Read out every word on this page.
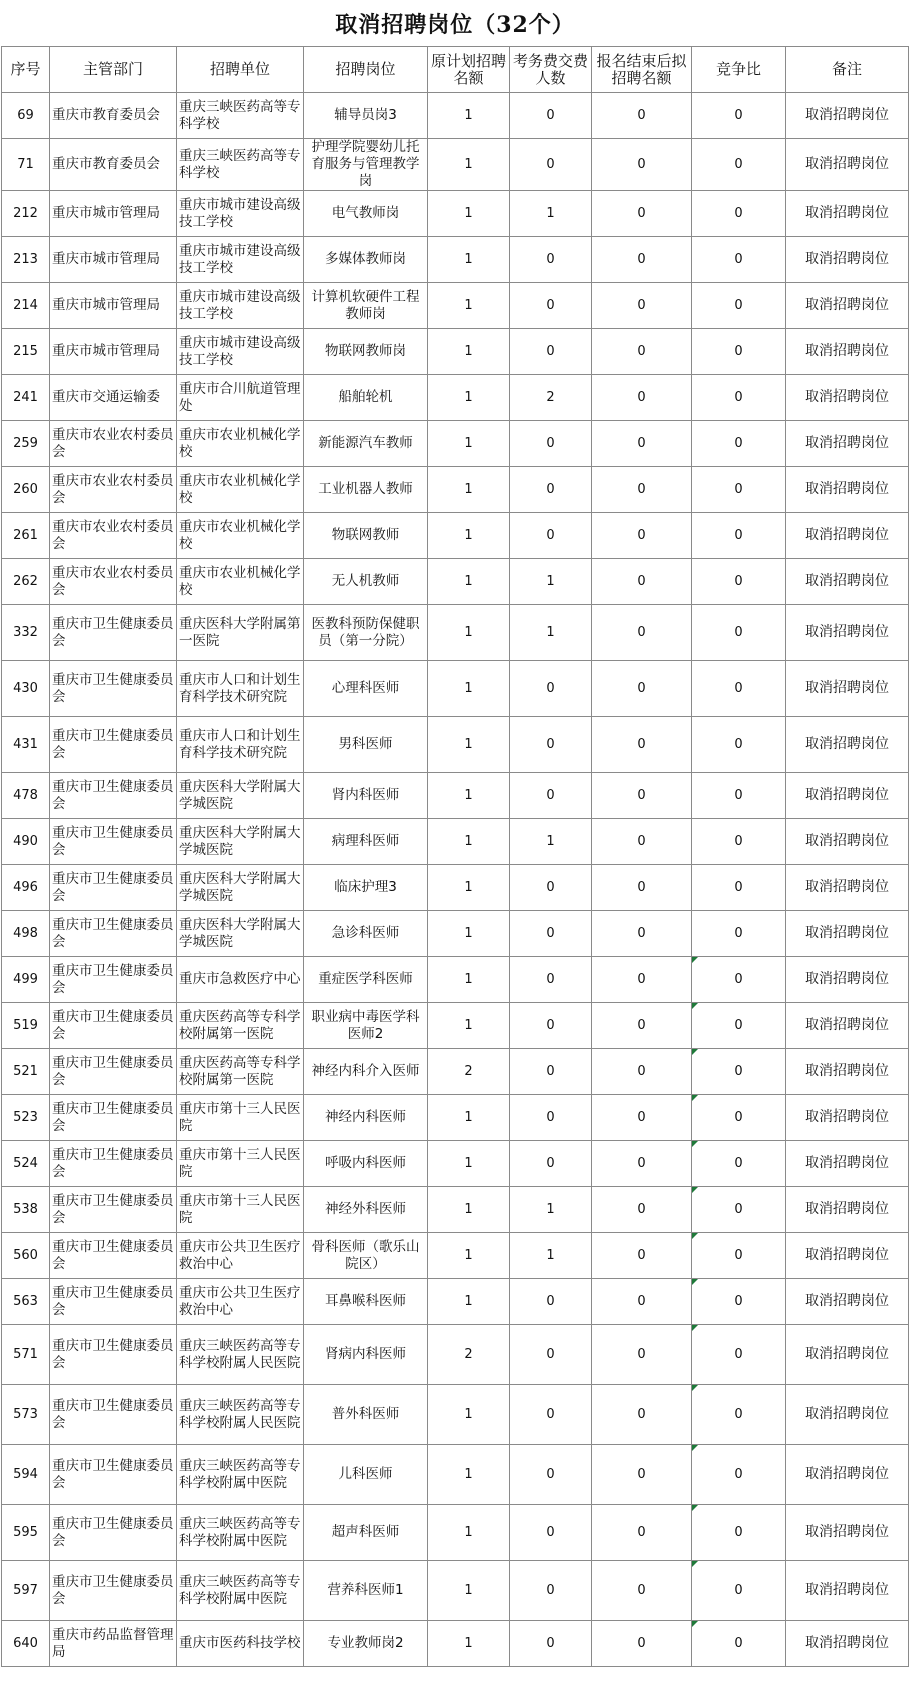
取消招聘岗位（32个）
序号	主管部门	招聘单位	招聘岗位	原计划招聘名额	考务费交费人数	报名结束后拟招聘名额	竞争比	备注
69	重庆市教育委员会	重庆三峡医药高等专科学校	辅导员岗3	1	0	0	0	取消招聘岗位
71	重庆市教育委员会	重庆三峡医药高等专科学校	护理学院婴幼儿托育服务与管理教学岗	1	0	0	0	取消招聘岗位
212	重庆市城市管理局	重庆市城市建设高级技工学校	电气教师岗	1	1	0	0	取消招聘岗位
213	重庆市城市管理局	重庆市城市建设高级技工学校	多媒体教师岗	1	0	0	0	取消招聘岗位
214	重庆市城市管理局	重庆市城市建设高级技工学校	计算机软硬件工程教师岗	1	0	0	0	取消招聘岗位
215	重庆市城市管理局	重庆市城市建设高级技工学校	物联网教师岗	1	0	0	0	取消招聘岗位
241	重庆市交通运输委	重庆市合川航道管理处	船舶轮机	1	2	0	0	取消招聘岗位
259	重庆市农业农村委员会	重庆市农业机械化学校	新能源汽车教师	1	0	0	0	取消招聘岗位
260	重庆市农业农村委员会	重庆市农业机械化学校	工业机器人教师	1	0	0	0	取消招聘岗位
261	重庆市农业农村委员会	重庆市农业机械化学校	物联网教师	1	0	0	0	取消招聘岗位
262	重庆市农业农村委员会	重庆市农业机械化学校	无人机教师	1	1	0	0	取消招聘岗位
332	重庆市卫生健康委员会	重庆医科大学附属第一医院	医教科预防保健职员（第一分院）	1	1	0	0	取消招聘岗位
430	重庆市卫生健康委员会	重庆市人口和计划生育科学技术研究院	心理科医师	1	0	0	0	取消招聘岗位
431	重庆市卫生健康委员会	重庆市人口和计划生育科学技术研究院	男科医师	1	0	0	0	取消招聘岗位
478	重庆市卫生健康委员会	重庆医科大学附属大学城医院	肾内科医师	1	0	0	0	取消招聘岗位
490	重庆市卫生健康委员会	重庆医科大学附属大学城医院	病理科医师	1	1	0	0	取消招聘岗位
496	重庆市卫生健康委员会	重庆医科大学附属大学城医院	临床护理3	1	0	0	0	取消招聘岗位
498	重庆市卫生健康委员会	重庆医科大学附属大学城医院	急诊科医师	1	0	0	0	取消招聘岗位
499	重庆市卫生健康委员会	重庆市急救医疗中心	重症医学科医师	1	0	0	0	取消招聘岗位
519	重庆市卫生健康委员会	重庆医药高等专科学校附属第一医院	职业病中毒医学科医师2	1	0	0	0	取消招聘岗位
521	重庆市卫生健康委员会	重庆医药高等专科学校附属第一医院	神经内科介入医师	2	0	0	0	取消招聘岗位
523	重庆市卫生健康委员会	重庆市第十三人民医院	神经内科医师	1	0	0	0	取消招聘岗位
524	重庆市卫生健康委员会	重庆市第十三人民医院	呼吸内科医师	1	0	0	0	取消招聘岗位
538	重庆市卫生健康委员会	重庆市第十三人民医院	神经外科医师	1	1	0	0	取消招聘岗位
560	重庆市卫生健康委员会	重庆市公共卫生医疗救治中心	骨科医师（歌乐山院区）	1	1	0	0	取消招聘岗位
563	重庆市卫生健康委员会	重庆市公共卫生医疗救治中心	耳鼻喉科医师	1	0	0	0	取消招聘岗位
571	重庆市卫生健康委员会	重庆三峡医药高等专科学校附属人民医院	肾病内科医师	2	0	0	0	取消招聘岗位
573	重庆市卫生健康委员会	重庆三峡医药高等专科学校附属人民医院	普外科医师	1	0	0	0	取消招聘岗位
594	重庆市卫生健康委员会	重庆三峡医药高等专科学校附属中医院	儿科医师	1	0	0	0	取消招聘岗位
595	重庆市卫生健康委员会	重庆三峡医药高等专科学校附属中医院	超声科医师	1	0	0	0	取消招聘岗位
597	重庆市卫生健康委员会	重庆三峡医药高等专科学校附属中医院	营养科医师1	1	0	0	0	取消招聘岗位
640	重庆市药品监督管理局	重庆市医药科技学校	专业教师岗2	1	0	0	0	取消招聘岗位
